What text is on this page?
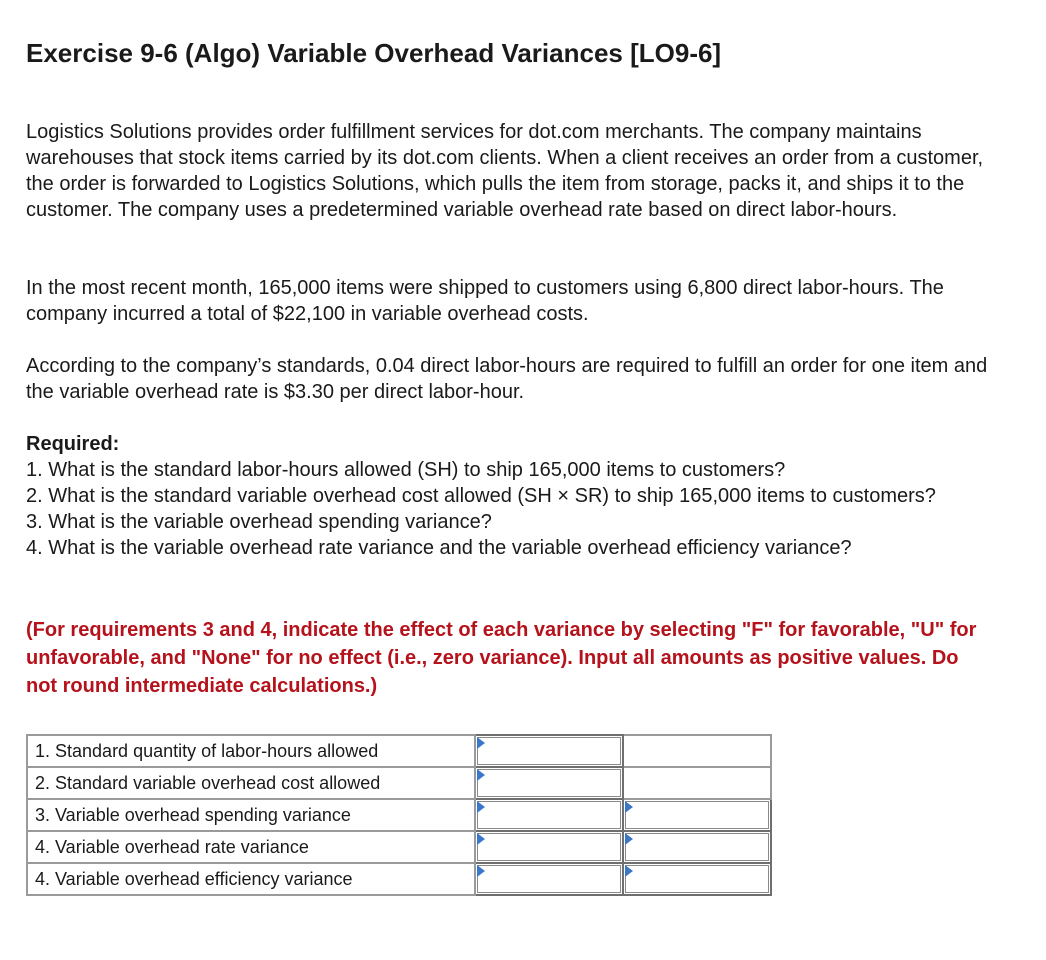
Exercise 9-6 (Algo) Variable Overhead Variances [LO9-6]

Logistics Solutions provides order fulfillment services for dot.com merchants. The company maintains warehouses that stock items carried by its dot.com clients. When a client receives an order from a customer, the order is forwarded to Logistics Solutions, which pulls the item from storage, packs it, and ships it to the customer. The company uses a predetermined variable overhead rate based on direct labor-hours.

In the most recent month, 165,000 items were shipped to customers using 6,800 direct labor-hours. The company incurred a total of $22,100 in variable overhead costs.

According to the company’s standards, 0.04 direct labor-hours are required to fulfill an order for one item and the variable overhead rate is $3.30 per direct labor-hour.

Required:

1. What is the standard labor-hours allowed (SH) to ship 165,000 items to customers?
2. What is the standard variable overhead cost allowed (SH × SR) to ship 165,000 items to customers?
3. What is the variable overhead spending variance?
4. What is the variable overhead rate variance and the variable overhead efficiency variance?

(For requirements 3 and 4, indicate the effect of each variance by selecting "F" for favorable, "U" for unfavorable, and "None" for no effect (i.e., zero variance). Input all amounts as positive values. Do not round intermediate calculations.)

1. Standard quantity of labor-hours allowed	

2. Standard variable overhead cost allowed	

3. Variable overhead spending variance	

4. Variable overhead rate variance	

4. Variable overhead efficiency variance	
